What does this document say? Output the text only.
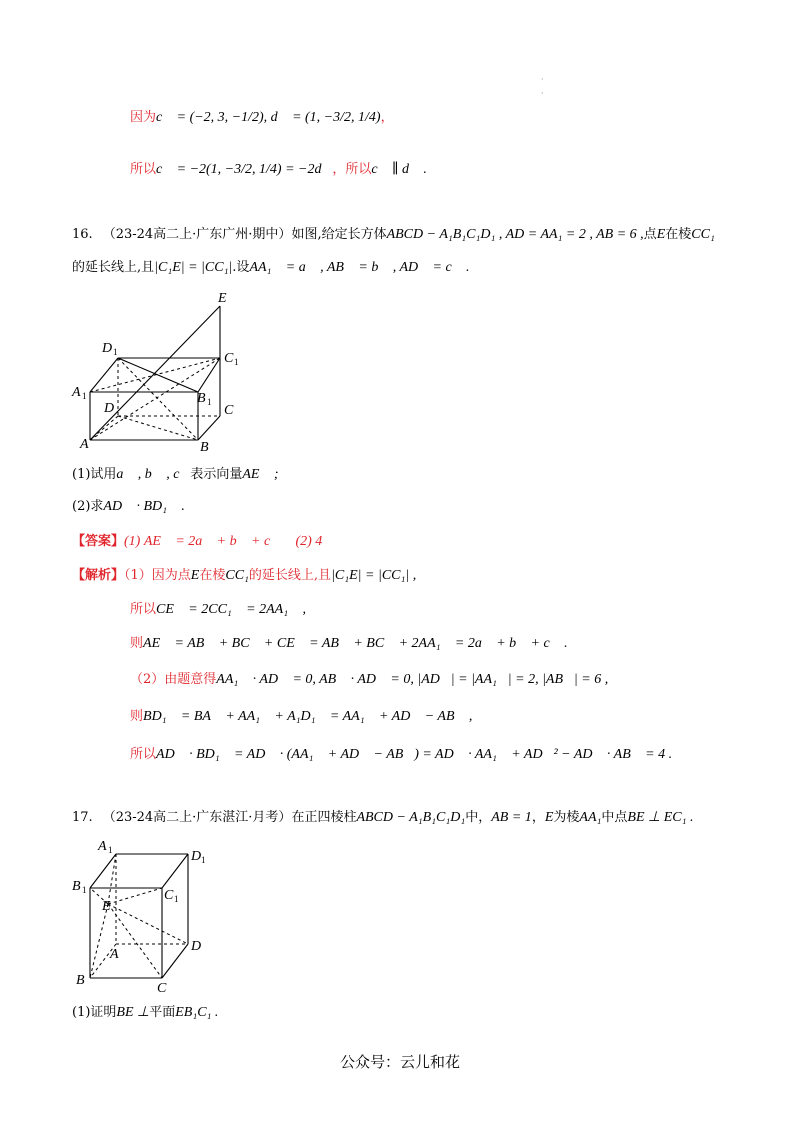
·
·
因为c⃗ = (−2, 3, −1/2), d⃗ = (1, −3/2, 1/4)，
所以c⃗ = −2(1, −3/2, 1/4) = −2d⃗，所以c⃗ ∥ d⃗ .
16. （23-24高二上·广东广州·期中）如图,给定长方体ABCD − A₁B₁C₁D₁ , AD = AA₁ = 2 , AB = 6 ,点E在棱CC₁
的延长线上,且|C₁E| = |CC₁|.设AA₁⃗ = a⃗ , AB⃗ = b⃗ , AD⃗ = c⃗ .
E
D 1	C 1
A 1	B 1
D	C
A	B
(1)试用a⃗ , b⃗ , c⃗表示向量AE⃗ ;
(2)求AD⃗ · BD₁⃗ .
【答案】(1) AE⃗ = 2a⃗ + b⃗ + c⃗ ；(2) 4
【解析】（1）因为点E在棱CC₁的延长线上,且|C₁E| = |CC₁| ,
所以CE⃗ = 2CC₁⃗ = 2AA₁⃗ ,
则AE⃗ = AB⃗ + BC⃗ + CE⃗ = AB⃗ + BC⃗ + 2AA₁⃗ = 2a⃗ + b⃗ + c⃗ .
（2）由题意得AA₁⃗ · AD⃗ = 0, AB⃗ · AD⃗ = 0, |AD⃗| = |AA₁⃗| = 2, |AB⃗| = 6 ,
则BD₁⃗ = BA⃗ + AA₁⃗ + A₁D₁⃗ = AA₁⃗ + AD⃗ − AB⃗ ,
所以AD⃗ · BD₁⃗ = AD⃗ · (AA₁⃗ + AD⃗ − AB⃗) = AD⃗ · AA₁⃗ + AD⃗² − AD⃗ · AB⃗ = 4 .
17. （23-24高二上·广东湛江·月考）在正四棱柱ABCD − A₁B₁C₁D₁中，AB = 1，E为棱AA₁中点BE ⊥ EC₁ .
A 1	D 1
B 1	C 1
E
A
D
B
C
(1)证明BE ⊥平面EB₁C₁ .
公众号：云儿和花
